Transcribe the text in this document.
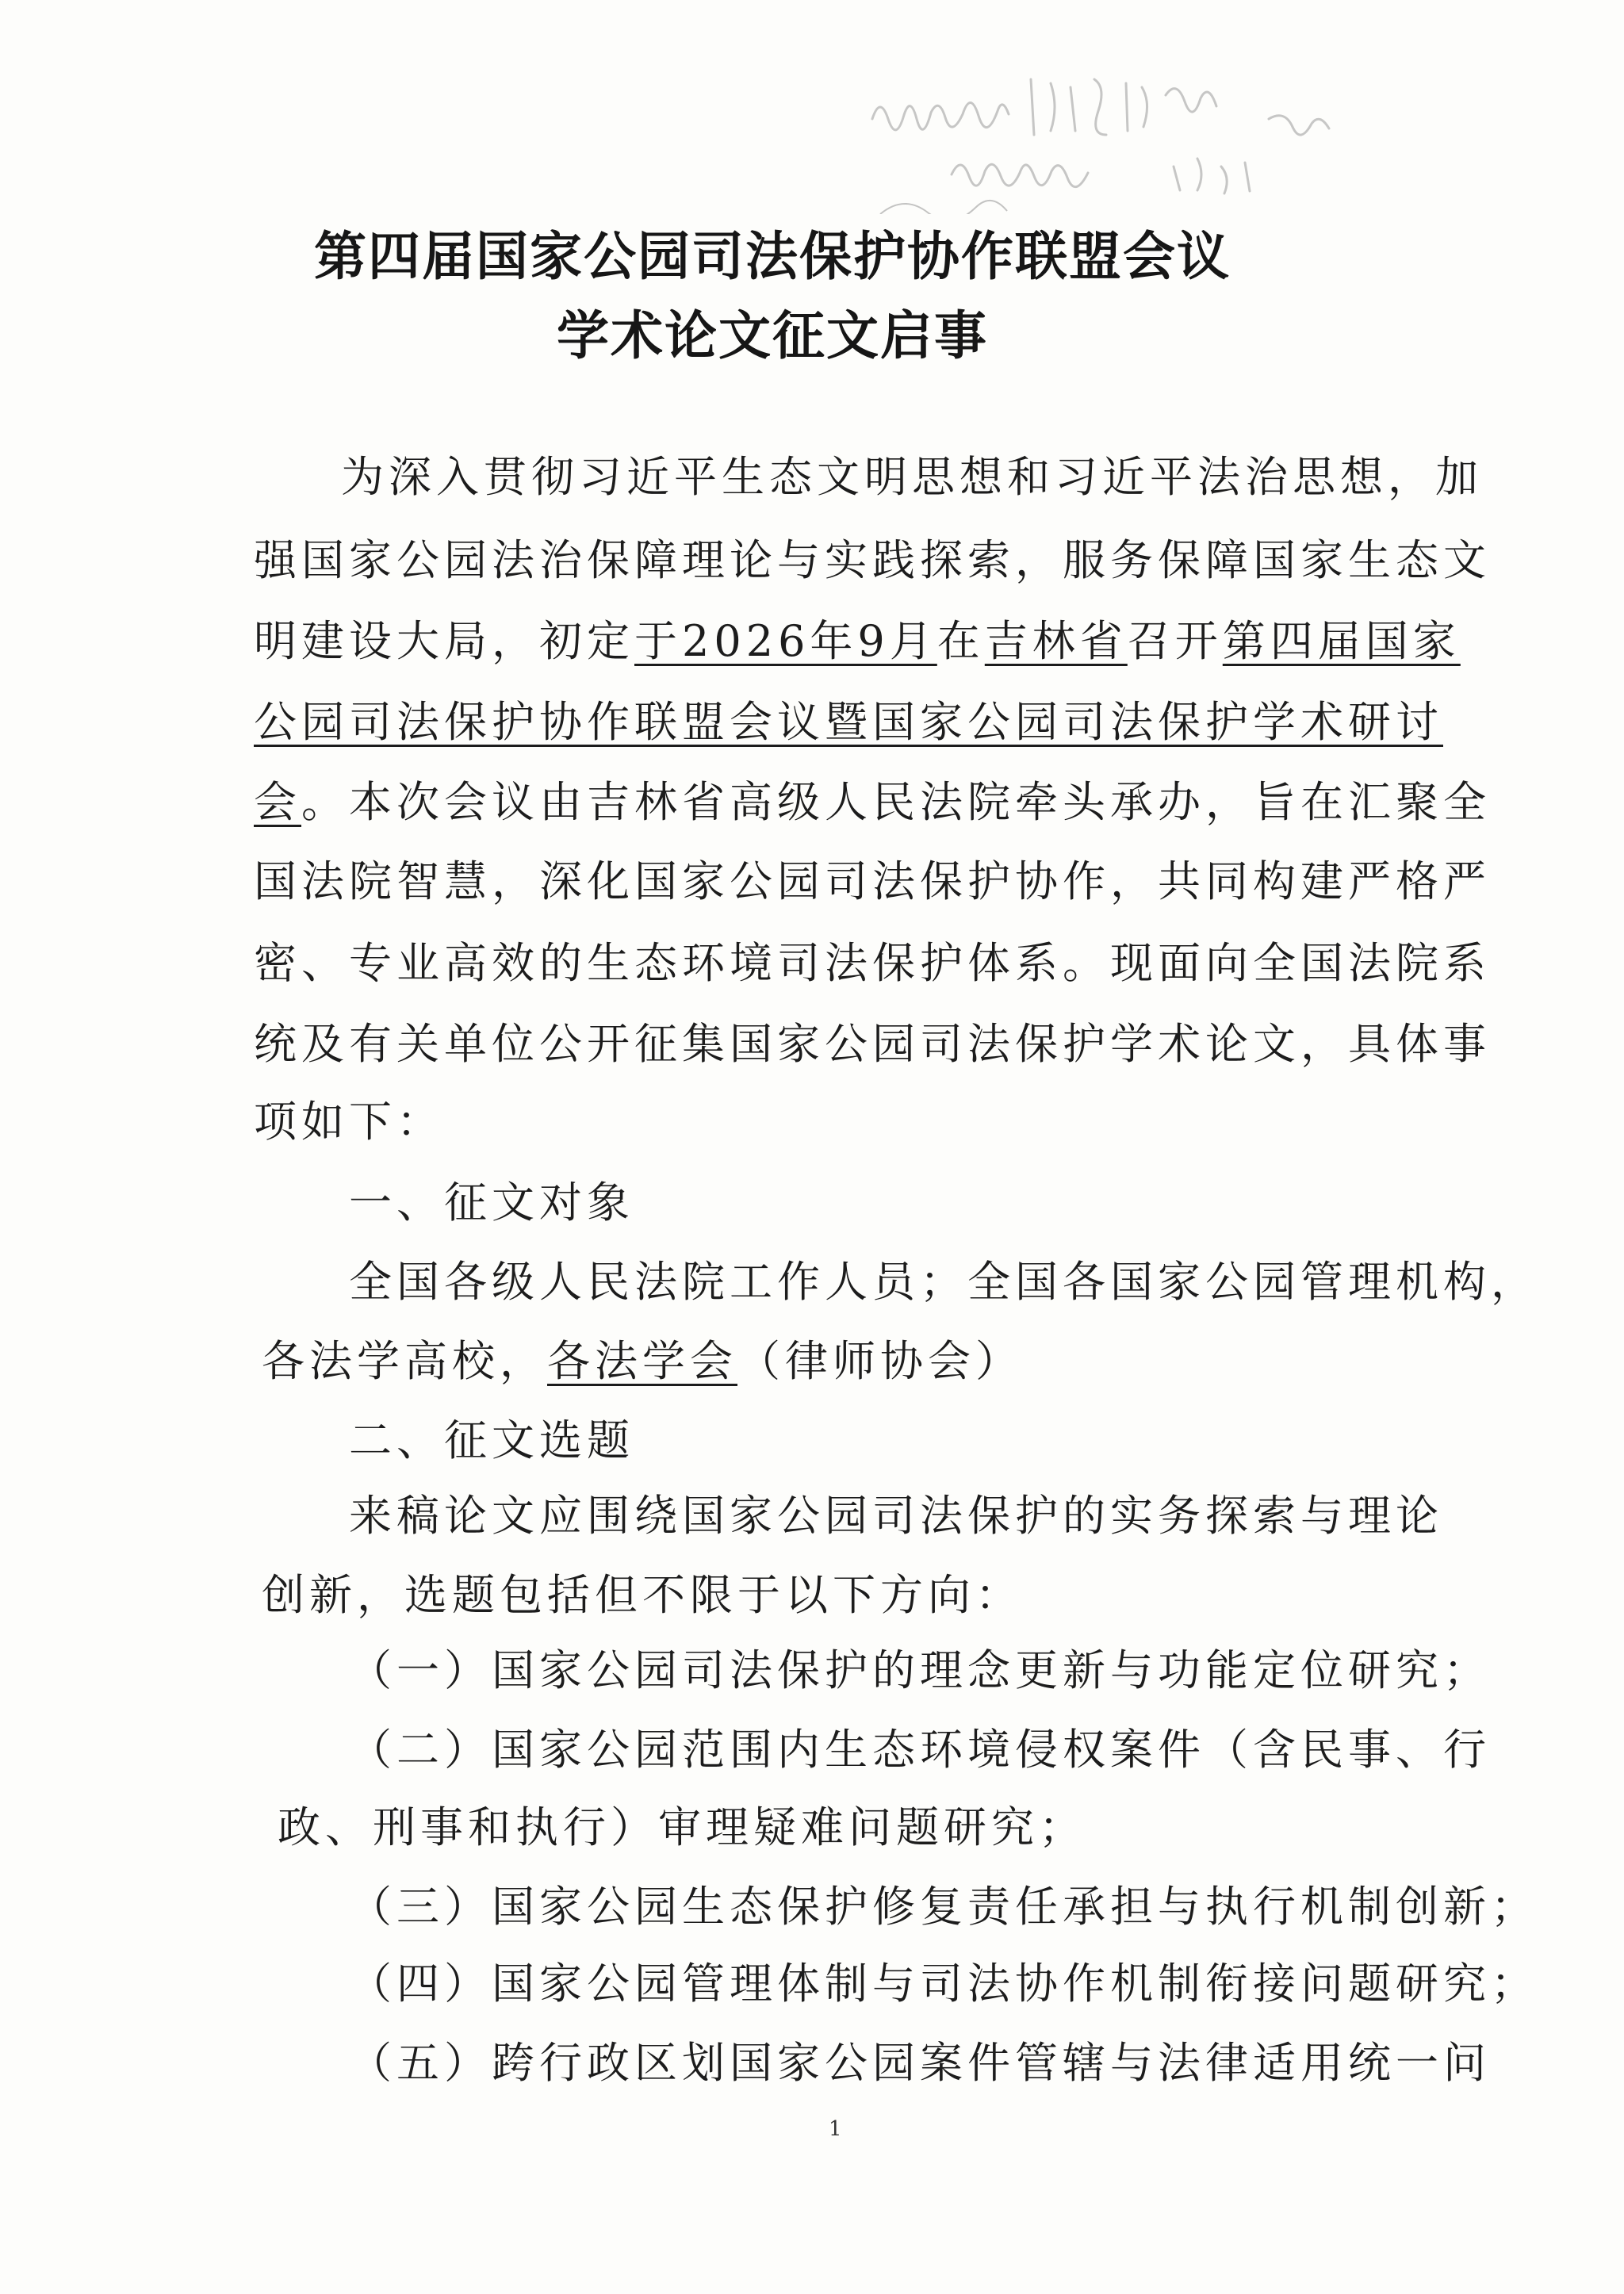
第四届国家公园司法保护协作联盟会议
学术论文征文启事
为深入贯彻习近平生态文明思想和习近平法治思想，加
强国家公园法治保障理论与实践探索，服务保障国家生态文
明建设大局，初定于2026年9月在吉林省召开第四届国家
公园司法保护协作联盟会议暨国家公园司法保护学术研讨
会。本次会议由吉林省高级人民法院牵头承办，旨在汇聚全
国法院智慧，深化国家公园司法保护协作，共同构建严格严
密、专业高效的生态环境司法保护体系。现面向全国法院系
统及有关单位公开征集国家公园司法保护学术论文，具体事
项如下：
一、征文对象
全国各级人民法院工作人员；全国各国家公园管理机构，
各法学高校，各法学会（律师协会）
二、征文选题
来稿论文应围绕国家公园司法保护的实务探索与理论
创新，选题包括但不限于以下方向：
（一）国家公园司法保护的理念更新与功能定位研究；
（二）国家公园范围内生态环境侵权案件（含民事、行
政、刑事和执行）审理疑难问题研究；
（三）国家公园生态保护修复责任承担与执行机制创新；
（四）国家公园管理体制与司法协作机制衔接问题研究；
（五）跨行政区划国家公园案件管辖与法律适用统一问
1
